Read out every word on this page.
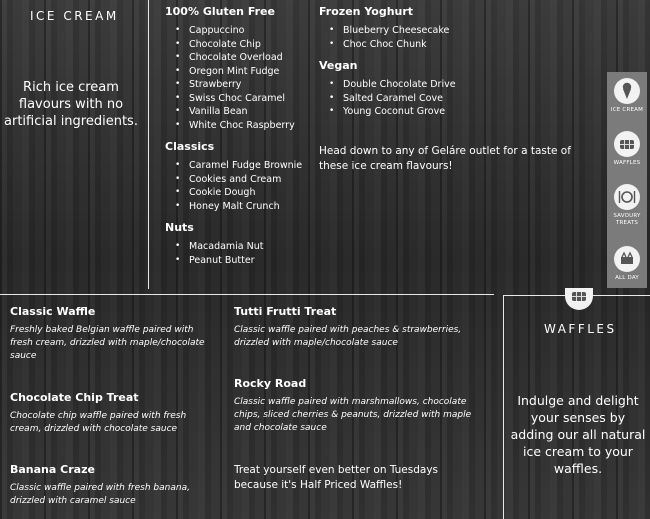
ICE CREAM
Rich ice cream flavours with no artificial ingredients.

100% Gluten Free

• Cappuccino
• Chocolate Chip
• Chocolate Overload
• Oregon Mint Fudge
• Strawberry
• Swiss Choc Caramel
• Vanilla Bean
• White Choc Raspberry

Classics

• Caramel Fudge Brownie
• Cookies and Cream
• Cookie Dough
• Honey Malt Crunch

Nuts

• Macadamia Nut
• Peanut Butter

Frozen Yoghurt

• Blueberry Cheesecake
• Choc Choc Chunk

Vegan

• Double Chocolate Drive
• Salted Caramel Cove
• Young Coconut Grove
Head down to any of Geláre outlet for a taste of these ice cream flavours!
ICE CREAM
WAFFLES
SAVOURY TREATS
ALL DAY

Classic Waffle

Freshly baked Belgian waffle paired with fresh cream, drizzled with maple/chocolate sauce

Chocolate Chip Treat

Chocolate chip waffle paired with fresh cream, drizzled with chocolate sauce

Banana Craze

Classic waffle paired with fresh banana, drizzled with caramel sauce

Tutti Frutti Treat

Classic waffle paired with peaches & strawberries, drizzled with maple/chocolate sauce

Rocky Road

Classic waffle paired with marshmallows, chocolate chips, sliced cherries & peanuts, drizzled with maple and chocolate sauce

Treat yourself even better on Tuesdays because it's Half Priced Waffles!
WAFFLES
Indulge and delight your senses by adding our all natural ice cream to your waffles.
